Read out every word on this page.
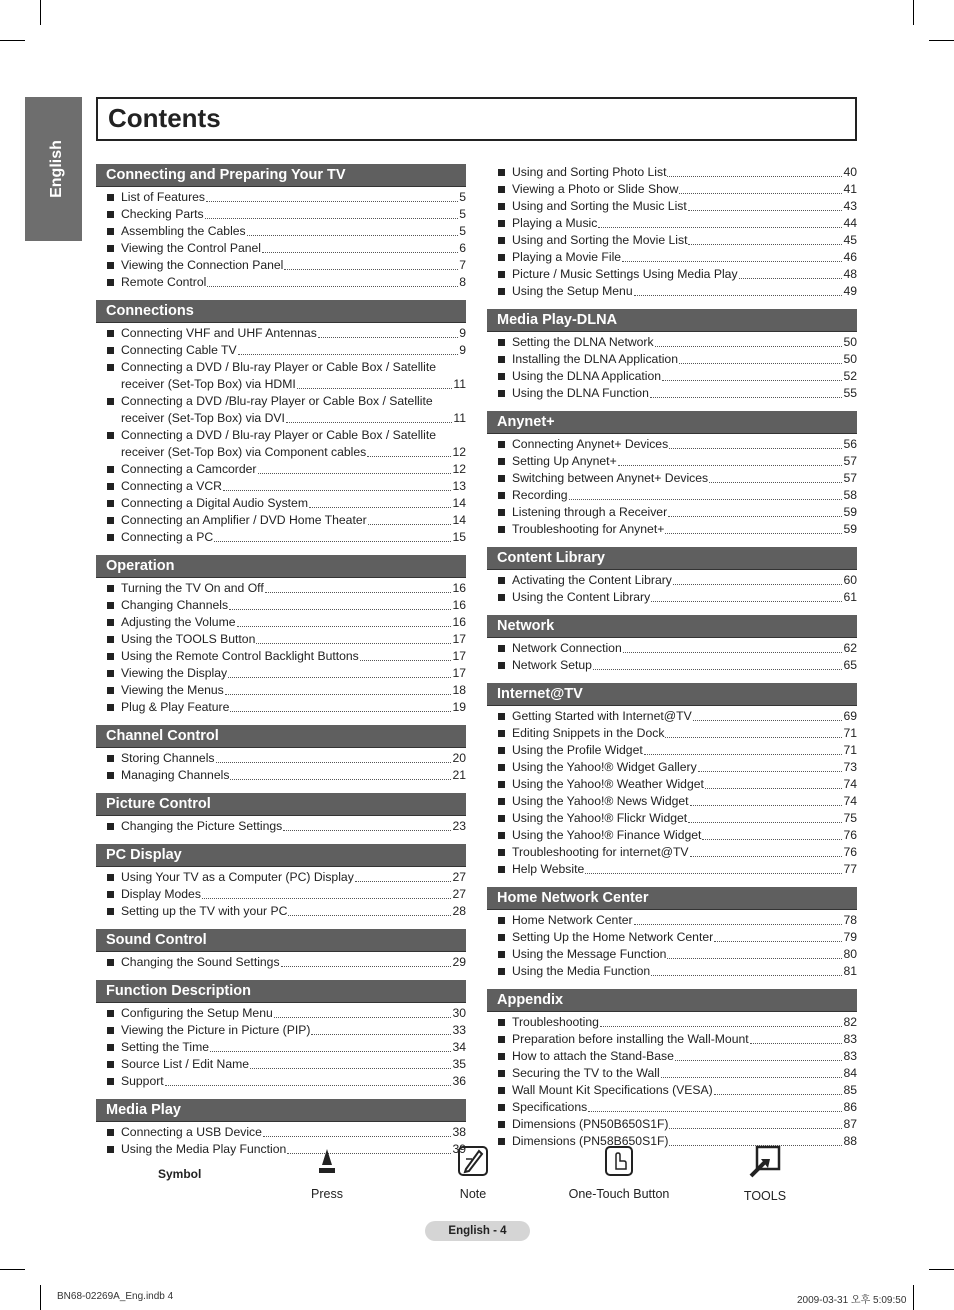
English
Contents
Connecting and Preparing Your TV
List of Features	5
Checking Parts	5
Assembling the Cables	5
Viewing the Control Panel	6
Viewing the Connection Panel	7
Remote Control	8
Connections
Connecting VHF and UHF Antennas	9
Connecting Cable TV	9
Connecting a DVD / Blu-ray Player or Cable Box / Satellite
receiver (Set-Top Box) via HDMI	11
Connecting a DVD /Blu-ray Player or Cable Box / Satellite
receiver (Set-Top Box) via DVI	11
Connecting a DVD / Blu-ray Player or Cable Box / Satellite
receiver (Set-Top Box) via Component cables	12
Connecting a Camcorder	12
Connecting a VCR	13
Connecting a Digital Audio System	14
Connecting an Amplifier / DVD Home Theater	14
Connecting a PC	15
Operation
Turning the TV On and Off	16
Changing Channels	16
Adjusting the Volume	16
Using the TOOLS Button	17
Using the Remote Control Backlight Buttons	17
Viewing the Display	17
Viewing the Menus	18
Plug & Play Feature	19
Channel Control
Storing Channels	20
Managing Channels	21
Picture Control
Changing the Picture Settings	23
PC Display
Using Your TV as a Computer (PC) Display	27
Display Modes	27
Setting up the TV with your PC	28
Sound Control
Changing the Sound Settings	29
Function Description
Configuring the Setup Menu	30
Viewing the Picture in Picture (PIP)	33
Setting the Time	34
Source List / Edit Name	35
Support	36
Media Play
Connecting a USB Device	38
Using the Media Play Function	39
Using and Sorting Photo List	40
Viewing a Photo or Slide Show	41
Using and Sorting the Music List	43
Playing a Music	44
Using and Sorting the Movie List	45
Playing a Movie File	46
Picture / Music Settings Using Media Play	48
Using the Setup Menu	49
Media Play-DLNA
Setting the DLNA Network	50
Installing the DLNA Application	50
Using the DLNA Application	52
Using the DLNA Function	55
Anynet+
Connecting Anynet+ Devices	56
Setting Up Anynet+	57
Switching between Anynet+ Devices	57
Recording	58
Listening through a Receiver	59
Troubleshooting for Anynet+	59
Content Library
Activating the Content Library	60
Using the Content Library	61
Network
Network Connection	62
Network Setup	65
Internet@TV
Getting Started with Internet@TV	69
Editing Snippets in the Dock	71
Using the Profile Widget	71
Using the Yahoo!® Widget Gallery	73
Using the Yahoo!® Weather Widget	74
Using the Yahoo!® News Widget	74
Using the Yahoo!® Flickr Widget	75
Using the Yahoo!® Finance Widget	76
Troubleshooting for internet@TV	76
Help Website	77
Home Network Center
Home Network Center	78
Setting Up the Home Network Center	79
Using the Message Function	80
Using the Media Function	81
Appendix
Troubleshooting	82
Preparation before installing the Wall-Mount	83
How to attach the Stand-Base	83
Securing the TV to the Wall	84
Wall Mount Kit Specifications (VESA)	85
Specifications	86
Dimensions (PN50B650S1F)	87
Dimensions (PN58B650S1F)	88
Symbol
Press	Note	One-Touch Button	TOOLS
English - 4
BN68-02269A_Eng.indb 4	2009-03-31 오후 5:09:50
